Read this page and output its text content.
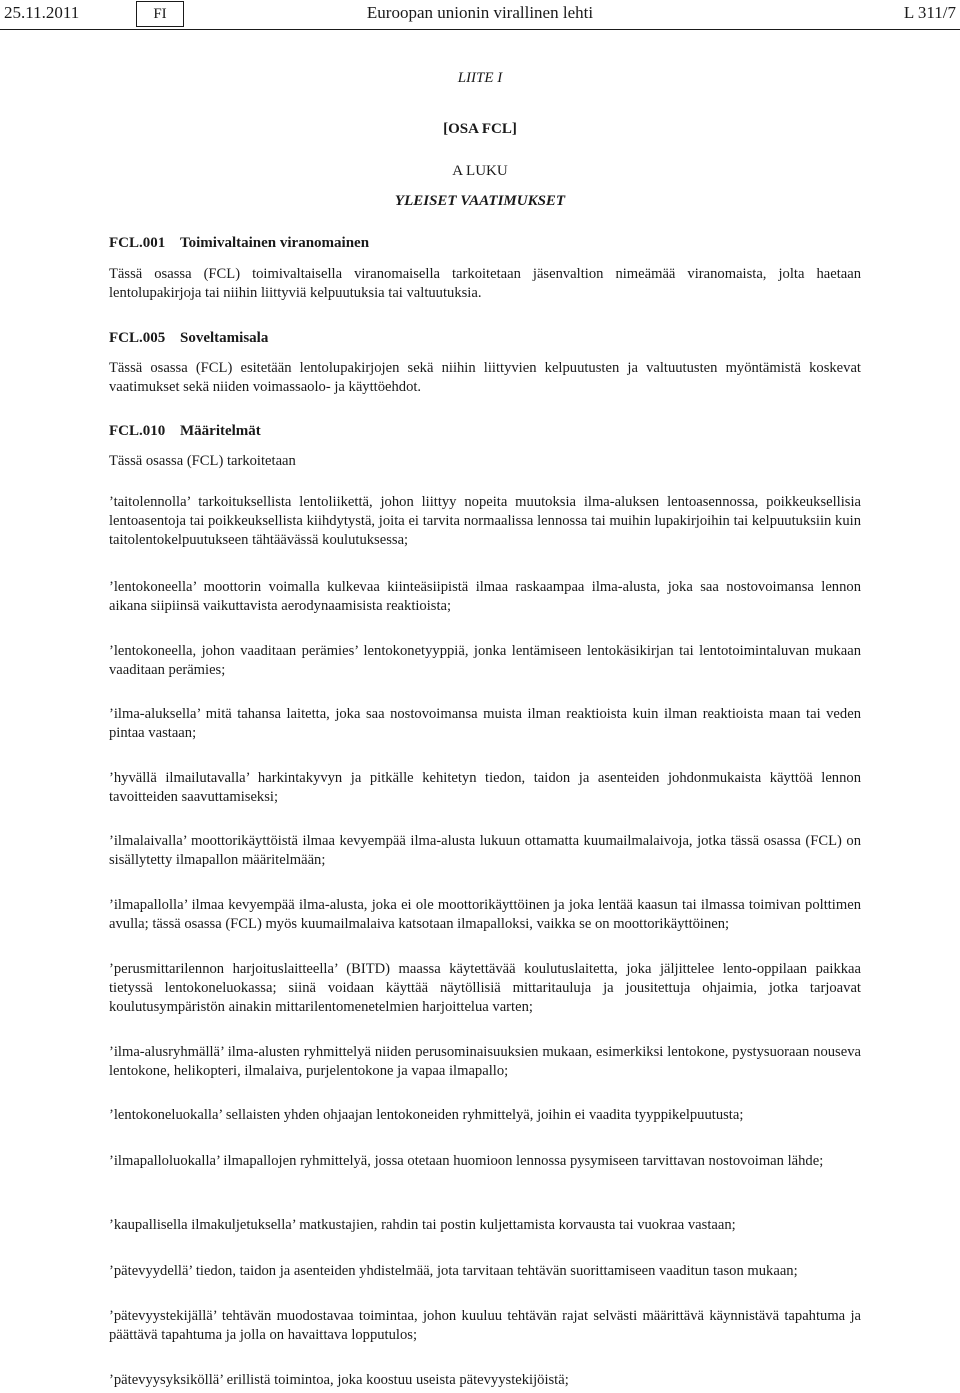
25.11.2011	FI	Euroopan unionin virallinen lehti	L 311/7
LIITE I
[OSA FCL]
A LUKU
YLEISET VAATIMUKSET
FCL.001 Toimivaltainen viranomainen
Tässä osassa (FCL) toimivaltaisella viranomaisella tarkoitetaan jäsenvaltion nimeämää viranomaista, jolta haetaan lentolupakirjoja tai niihin liittyviä kelpuutuksia tai valtuutuksia.
FCL.005 Soveltamisala
Tässä osassa (FCL) esitetään lentolupakirjojen sekä niihin liittyvien kelpuutusten ja valtuutusten myöntämistä koskevat vaatimukset sekä niiden voimassaolo- ja käyttöehdot.
FCL.010 Määritelmät
Tässä osassa (FCL) tarkoitetaan
’taitolennolla’ tarkoituksellista lentoliikettä, johon liittyy nopeita muutoksia ilma-aluksen lentoasennossa, poikkeuksellisia lentoasentoja tai poikkeuksellista kiihdytystä, joita ei tarvita normaalissa lennossa tai muihin lupakirjoihin tai kelpuutuksiin kuin taitolentokelpuutukseen tähtäävässä koulutuksessa;
’lentokoneella’ moottorin voimalla kulkevaa kiinteäsiipistä ilmaa raskaampaa ilma-alusta, joka saa nostovoimansa lennon aikana siipiinsä vaikuttavista aerodynaamisista reaktioista;
’lentokoneella, johon vaaditaan perämies’ lentokonetyyppiä, jonka lentämiseen lentokäsikirjan tai lentotoimintaluvan mukaan vaaditaan perämies;
’ilma-aluksella’ mitä tahansa laitetta, joka saa nostovoimansa muista ilman reaktioista kuin ilman reaktioista maan tai veden pintaa vastaan;
’hyvällä ilmailutavalla’ harkintakyvyn ja pitkälle kehitetyn tiedon, taidon ja asenteiden johdonmukaista käyttöä lennon tavoitteiden saavuttamiseksi;
’ilmalaivalla’ moottorikäyttöistä ilmaa kevyempää ilma-alusta lukuun ottamatta kuumailmalaivoja, jotka tässä osassa (FCL) on sisällytetty ilmapallon määritelmään;
’ilmapallolla’ ilmaa kevyempää ilma-alusta, joka ei ole moottorikäyttöinen ja joka lentää kaasun tai ilmassa toimivan polttimen avulla; tässä osassa (FCL) myös kuumailmalaiva katsotaan ilmapalloksi, vaikka se on moottorikäyttöinen;
’perusmittarilennon harjoituslaitteella’ (BITD) maassa käytettävää koulutuslaitetta, joka jäljittelee lento-oppilaan paikkaa tietyssä lentokoneluokassa; siinä voidaan käyttää näytöllisiä mittaritauluja ja jousitettuja ohjaimia, jotka tarjoavat koulutusympäristön ainakin mittarilentomenetelmien harjoittelua varten;
’ilma-alusryhmällä’ ilma-alusten ryhmittelyä niiden perusominaisuuksien mukaan, esimerkiksi lentokone, pystysuoraan nouseva lentokone, helikopteri, ilmalaiva, purjelentokone ja vapaa ilmapallo;
’lentokoneluokalla’ sellaisten yhden ohjaajan lentokoneiden ryhmittelyä, joihin ei vaadita tyyppikelpuutusta;
’ilmapalloluokalla’ ilmapallojen ryhmittelyä, jossa otetaan huomioon lennossa pysymiseen tarvittavan nostovoiman lähde;
’kaupallisella ilmakuljetuksella’ matkustajien, rahdin tai postin kuljettamista korvausta tai vuokraa vastaan;
’pätevyydellä’ tiedon, taidon ja asenteiden yhdistelmää, jota tarvitaan tehtävän suorittamiseen vaaditun tason mukaan;
’pätevyystekijällä’ tehtävän muodostavaa toimintaa, johon kuuluu tehtävän rajat selvästi määrittävä käynnistävä tapahtuma ja päättävä tapahtuma ja jolla on havaittava lopputulos;
’pätevyysyksiköllä’ erillistä toimintoa, joka koostuu useista pätevyystekijöistä;
